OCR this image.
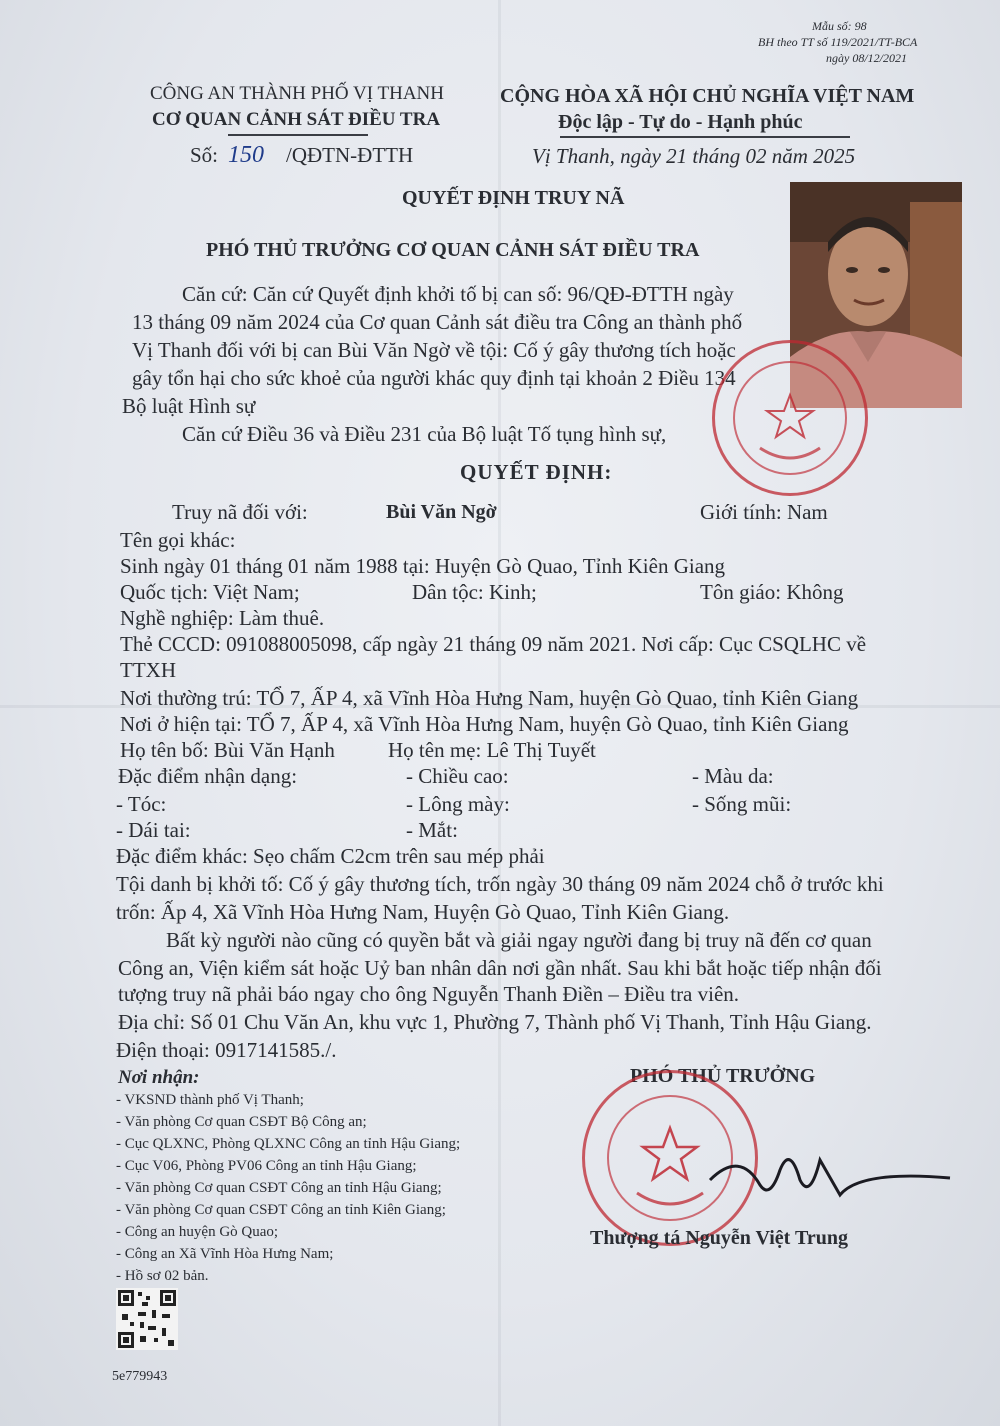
Mẫu số: 98
BH theo TT số 119/2021/TT-BCA
ngày 08/12/2021
CÔNG AN THÀNH PHỐ VỊ THANH
CƠ QUAN CẢNH SÁT ĐIỀU TRA
Số: 150 /QĐTN-ĐTTH
CỘNG HÒA XÃ HỘI CHỦ NGHĨA VIỆT NAM
Độc lập - Tự do - Hạnh phúc
Vị Thanh, ngày 21 tháng 02 năm 2025
QUYẾT ĐỊNH TRUY NÃ
PHÓ THỦ TRƯỞNG CƠ QUAN CẢNH SÁT ĐIỀU TRA
Căn cứ: Căn cứ Quyết định khởi tố bị can số: 96/QĐ-ĐTTH ngày
13 tháng 09 năm 2024 của Cơ quan Cảnh sát điều tra Công an thành phố
Vị Thanh đối với bị can Bùi Văn Ngờ về tội: Cố ý gây thương tích hoặc
gây tổn hại cho sức khoẻ của người khác quy định tại khoản 2 Điều 134
Bộ luật Hình sự
Căn cứ Điều 36 và Điều 231 của Bộ luật Tố tụng hình sự,
QUYẾT ĐỊNH:
Truy nã đối với:	Bùi Văn Ngờ	Giới tính: Nam
Tên gọi khác:
Sinh ngày 01 tháng 01 năm 1988 tại: Huyện Gò Quao, Tỉnh Kiên Giang
Quốc tịch: Việt Nam;	Dân tộc: Kinh;	Tôn giáo: Không
Nghề nghiệp: Làm thuê.
Thẻ CCCD: 091088005098, cấp ngày 21 tháng 09 năm 2021. Nơi cấp: Cục CSQLHC về
TTXH
Nơi thường trú: TỔ 7, ẤP 4, xã Vĩnh Hòa Hưng Nam, huyện Gò Quao, tỉnh Kiên Giang
Nơi ở hiện tại: TỔ 7, ẤP 4, xã Vĩnh Hòa Hưng Nam, huyện Gò Quao, tỉnh Kiên Giang
Họ tên bố: Bùi Văn Hạnh	Họ tên mẹ: Lê Thị Tuyết
Đặc điểm nhận dạng:	- Chiều cao:	- Màu da:
- Tóc:	- Lông mày:	- Sống mũi:
- Dái tai:	- Mắt:
Đặc điểm khác: Sẹo chấm C2cm trên sau mép phải
Tội danh bị khởi tố: Cố ý gây thương tích, trốn ngày 30 tháng 09 năm 2024 chỗ ở trước khi
trốn: Ấp 4, Xã Vĩnh Hòa Hưng Nam, Huyện Gò Quao, Tỉnh Kiên Giang.
Bất kỳ người nào cũng có quyền bắt và giải ngay người đang bị truy nã đến cơ quan
Công an, Viện kiểm sát hoặc Uỷ ban nhân dân nơi gần nhất. Sau khi bắt hoặc tiếp nhận đối
tượng truy nã phải báo ngay cho ông Nguyễn Thanh Điền – Điều tra viên.
Địa chỉ: Số 01 Chu Văn An, khu vực 1, Phường 7, Thành phố Vị Thanh, Tỉnh Hậu Giang.
Điện thoại: 0917141585./.
Nơi nhận:
- VKSND thành phố Vị Thanh;
- Văn phòng Cơ quan CSĐT Bộ Công an;
- Cục QLXNC, Phòng QLXNC Công an tỉnh Hậu Giang;
- Cục V06, Phòng PV06 Công an tỉnh Hậu Giang;
- Văn phòng Cơ quan CSĐT Công an tỉnh Hậu Giang;
- Văn phòng Cơ quan CSĐT Công an tỉnh Kiên Giang;
- Công an huyện Gò Quao;
- Công an Xã Vĩnh Hòa Hưng Nam;
- Hồ sơ 02 bản.
PHÓ THỦ TRƯỞNG
Thượng tá Nguyễn Việt Trung
5e779943
